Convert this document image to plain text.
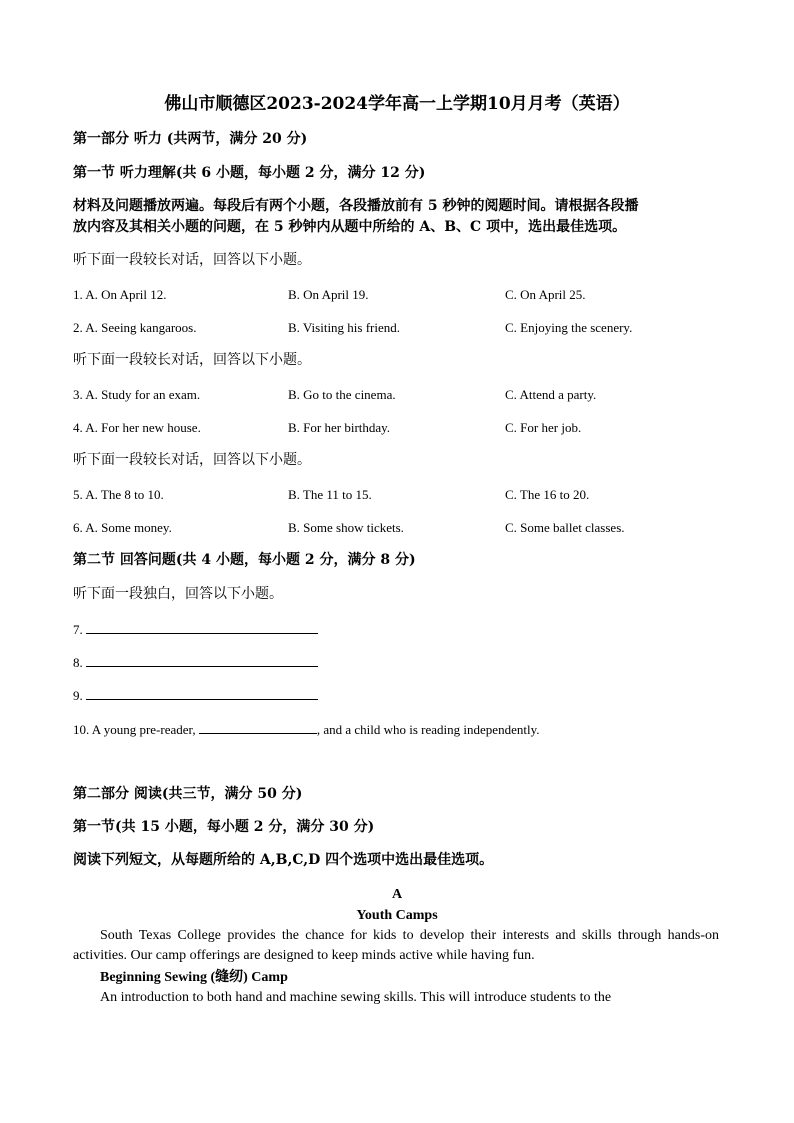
佛山市顺德区2023-2024学年高一上学期10月月考（英语）
第一部分 听力 (共两节，满分 20 分)
第一节 听力理解(共 6 小题，每小题 2 分，满分 12 分)
材料及问题播放两遍。每段后有两个小题，各段播放前有 5 秒钟的阅题时间。请根据各段播
放内容及其相关小题的问题，在 5 秒钟内从题中所给的 A、B、C 项中，选出最佳选项。
听下面一段较长对话，回答以下小题。
1. A. On April 12.	B. On April 19.	C. On April 25.
2. A. Seeing kangaroos.	B. Visiting his friend.	C. Enjoying the scenery.
听下面一段较长对话，回答以下小题。
3. A. Study for an exam.	B. Go to the cinema.	C. Attend a party.
4. A. For her new house.	B. For her birthday.	C. For her job.
听下面一段较长对话，回答以下小题。
5. A. The 8 to 10.	B. The 11 to 15.	C. The 16 to 20.
6. A. Some money.	B. Some show tickets.	C. Some ballet classes.
第二节 回答问题(共 4 小题，每小题 2 分，满分 8 分)
听下面一段独白，回答以下小题。
7.
8.
9.
10. A young pre-reader,	, and a child who is reading independently.
第二部分 阅读(共三节，满分 50 分)
第一节(共 15 小题，每小题 2 分，满分 30 分)
阅读下列短文，从每题所给的 A,B,C,D 四个选项中选出最佳选项。
A
Youth Camps
South Texas College provides the chance for kids to develop their interests and skills through hands-on activities. Our camp offerings are designed to keep minds active while having fun.
Beginning Sewing (缝纫) Camp
An introduction to both hand and machine sewing skills. This will introduce students to the
